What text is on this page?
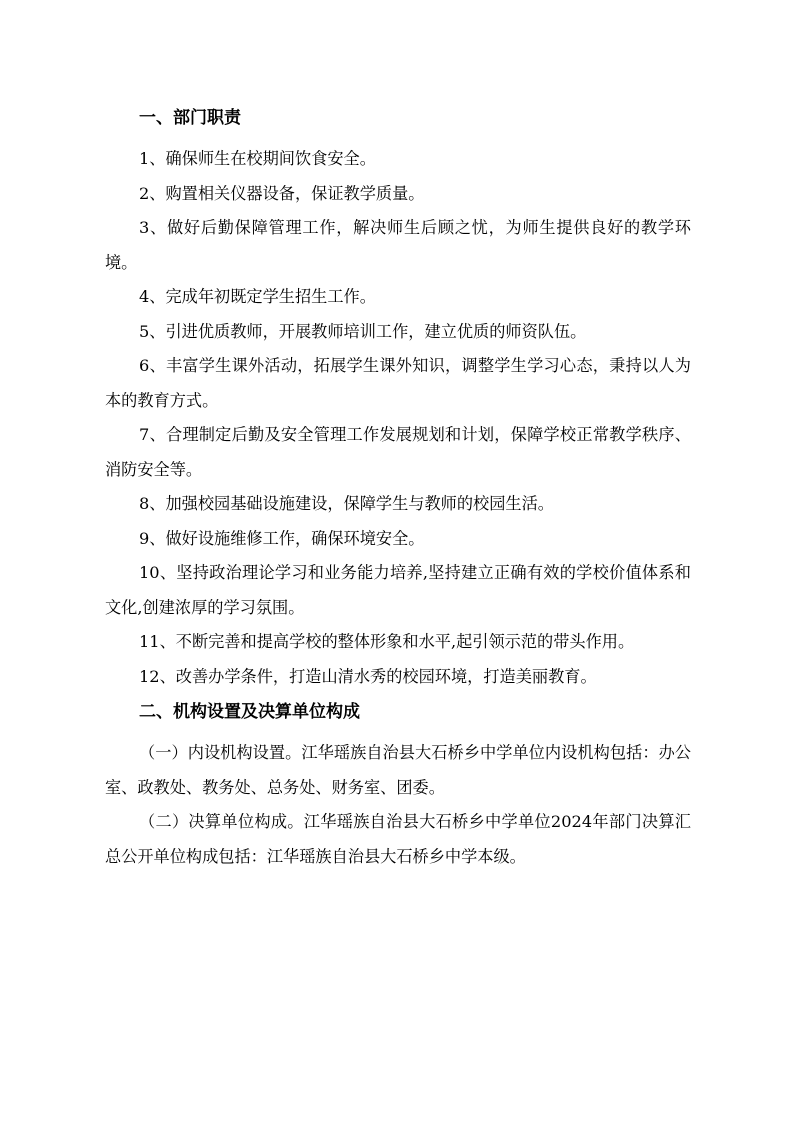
一、部门职责

1、确保师生在校期间饮食安全。

2、购置相关仪器设备，保证教学质量。

3、做好后勤保障管理工作，解决师生后顾之忧，为师生提供良好的教学环境。

4、完成年初既定学生招生工作。

5、引进优质教师，开展教师培训工作，建立优质的师资队伍。

6、丰富学生课外活动，拓展学生课外知识，调整学生学习心态，秉持以人为本的教育方式。

7、合理制定后勤及安全管理工作发展规划和计划，保障学校正常教学秩序、消防安全等。

8、加强校园基础设施建设，保障学生与教师的校园生活。

9、做好设施维修工作，确保环境安全。

10、坚持政治理论学习和业务能力培养,坚持建立正确有效的学校价值体系和文化,创建浓厚的学习氛围。

11、不断完善和提高学校的整体形象和水平,起引领示范的带头作用。

12、改善办学条件，打造山清水秀的校园环境，打造美丽教育。

二、机构设置及决算单位构成

（一）内设机构设置。江华瑶族自治县大石桥乡中学单位内设机构包括：办公室、政教处、教务处、总务处、财务室、团委。

（二）决算单位构成。江华瑶族自治县大石桥乡中学单位2024年部门决算汇总公开单位构成包括：江华瑶族自治县大石桥乡中学本级。
